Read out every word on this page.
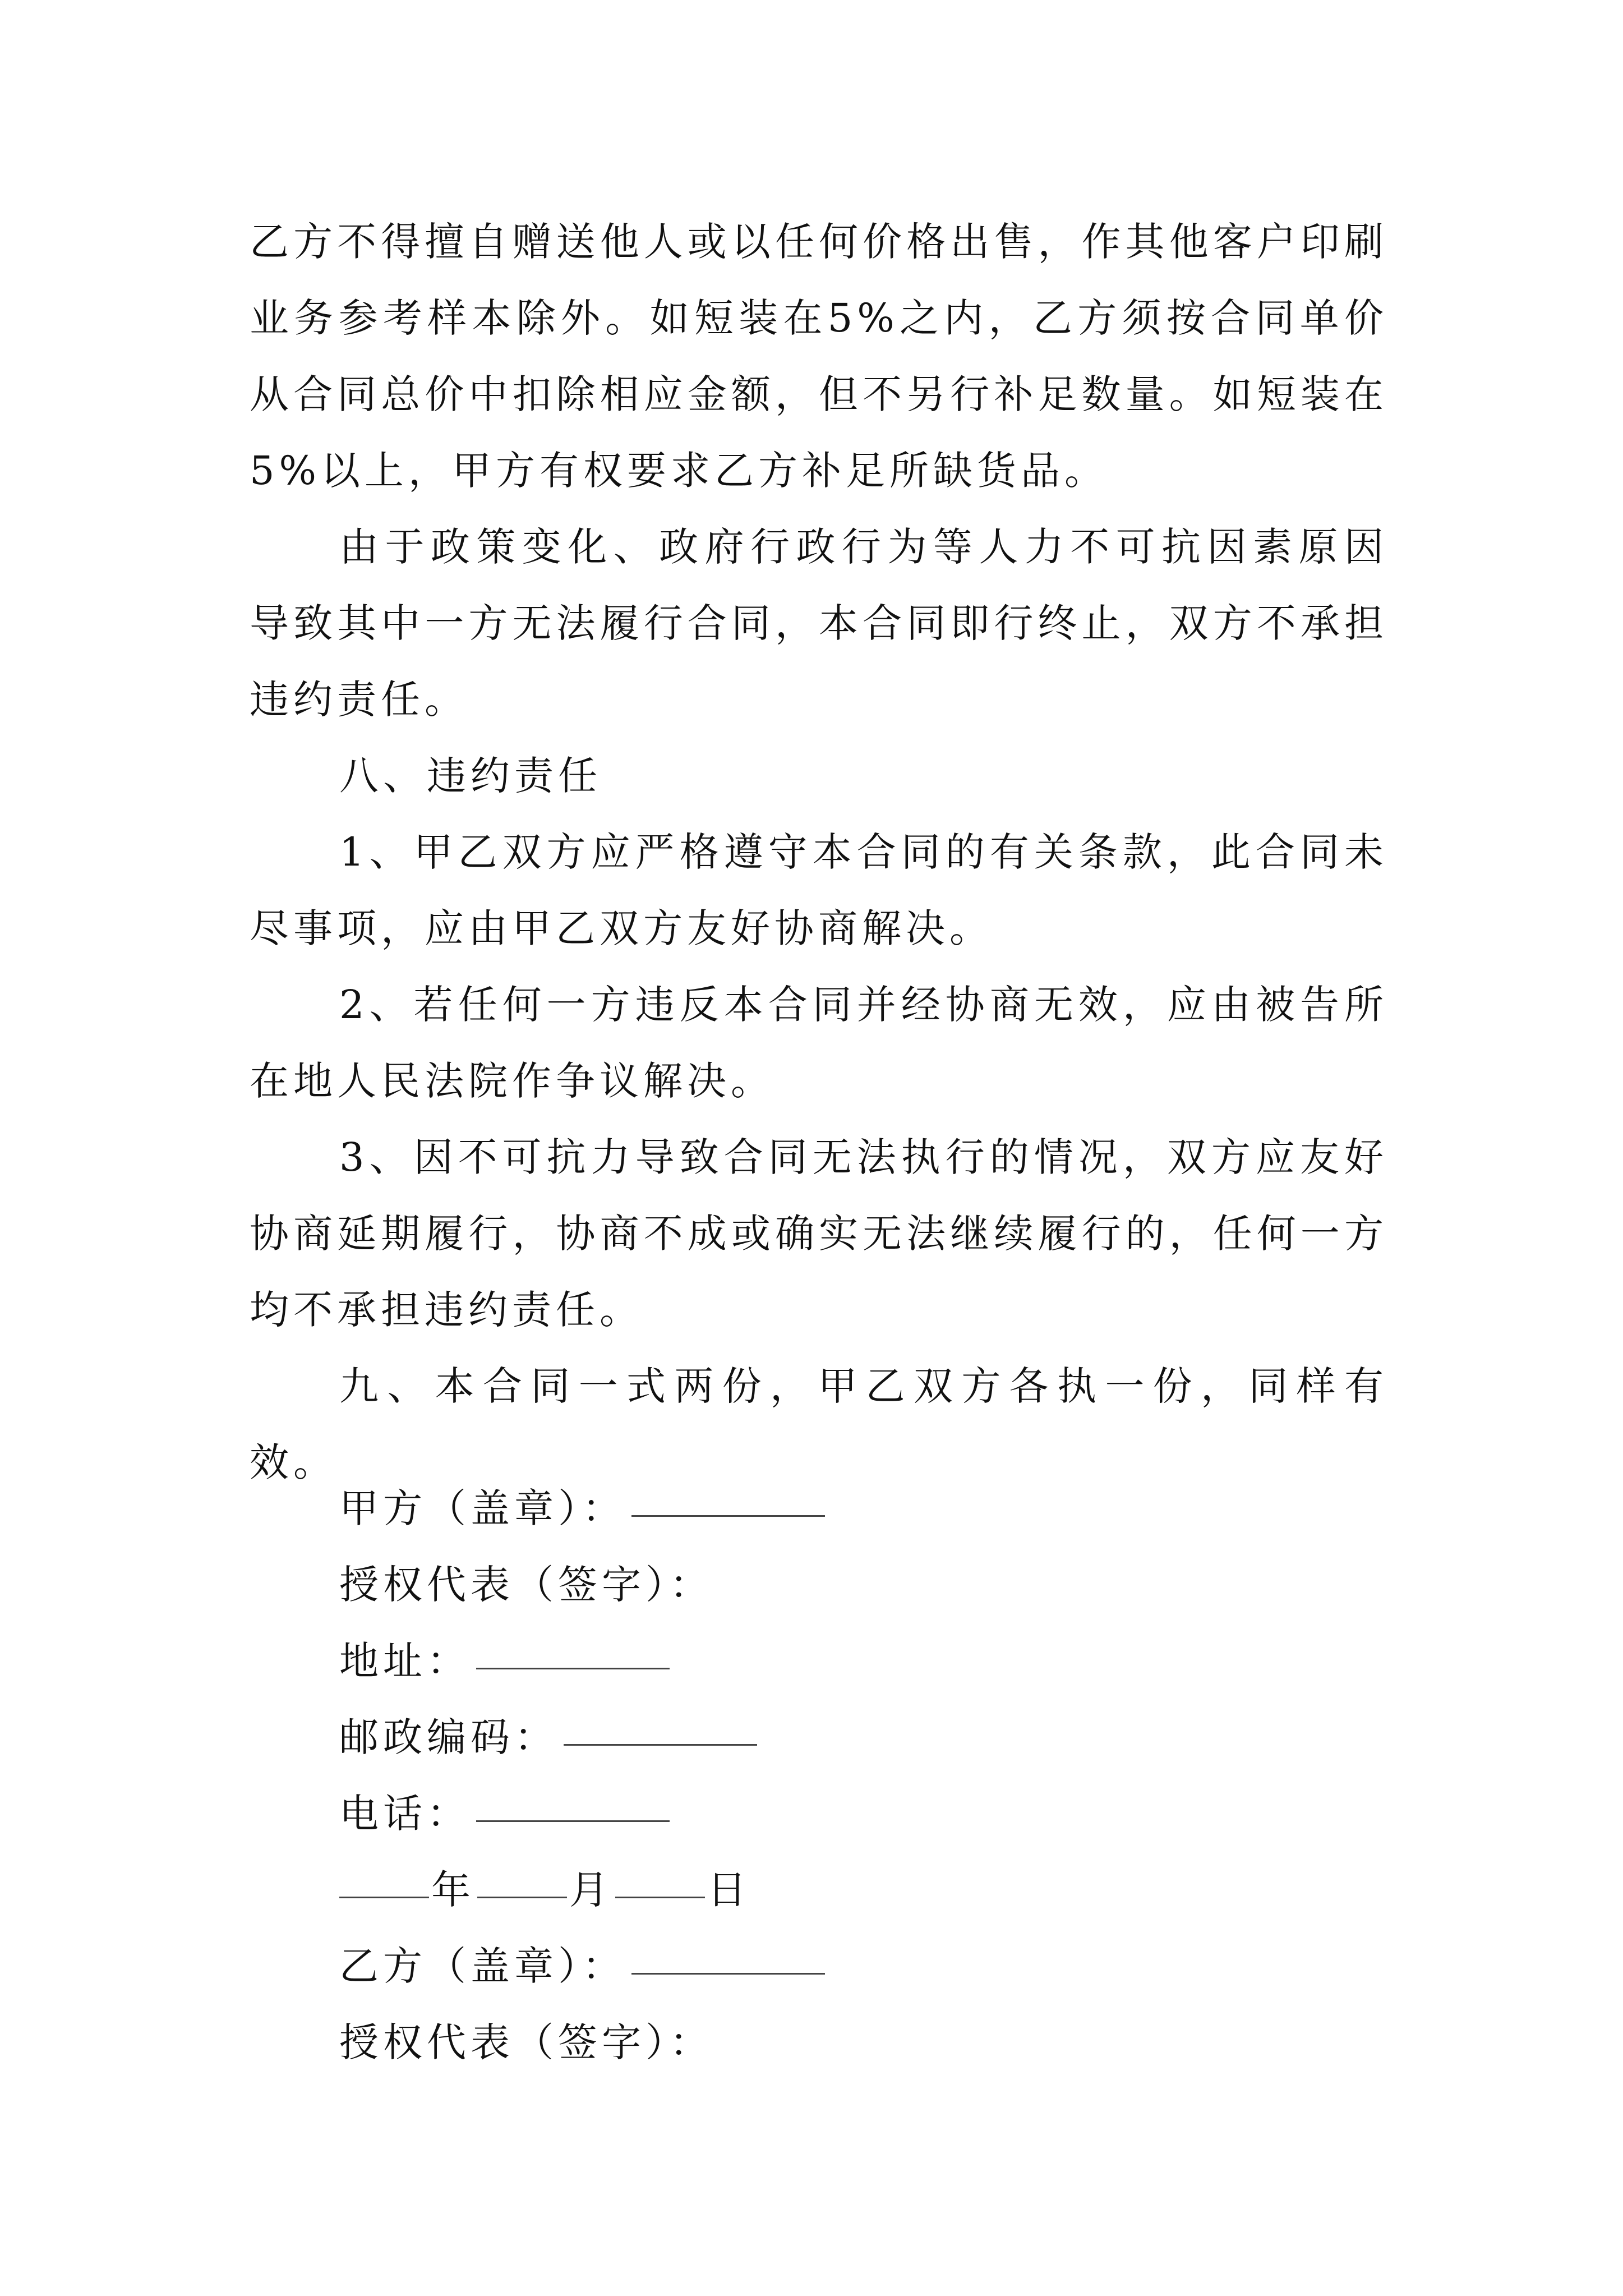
乙方不得擅自赠送他人或以任何价格出售，作其他客户印刷业务参考样本除外。如短装在5%之内，乙方须按合同单价从合同总价中扣除相应金额，但不另行补足数量。如短装在5%以上，甲方有权要求乙方补足所缺货品。

由于政策变化、政府行政行为等人力不可抗因素原因导致其中一方无法履行合同，本合同即行终止，双方不承担违约责任。

八、违约责任

1、甲乙双方应严格遵守本合同的有关条款，此合同未尽事项，应由甲乙双方友好协商解决。

2、若任何一方违反本合同并经协商无效，应由被告所在地人民法院作争议解决。

3、因不可抗力导致合同无法执行的情况，双方应友好协商延期履行，协商不成或确实无法继续履行的，任何一方均不承担违约责任。

九、本合同一式两份，甲乙双方各执一份，同样有效。

甲方（盖章）：
授权代表（签字）：
地址：
邮政编码：
电话：
年 月 日
乙方（盖章）：
授权代表（签字）：
